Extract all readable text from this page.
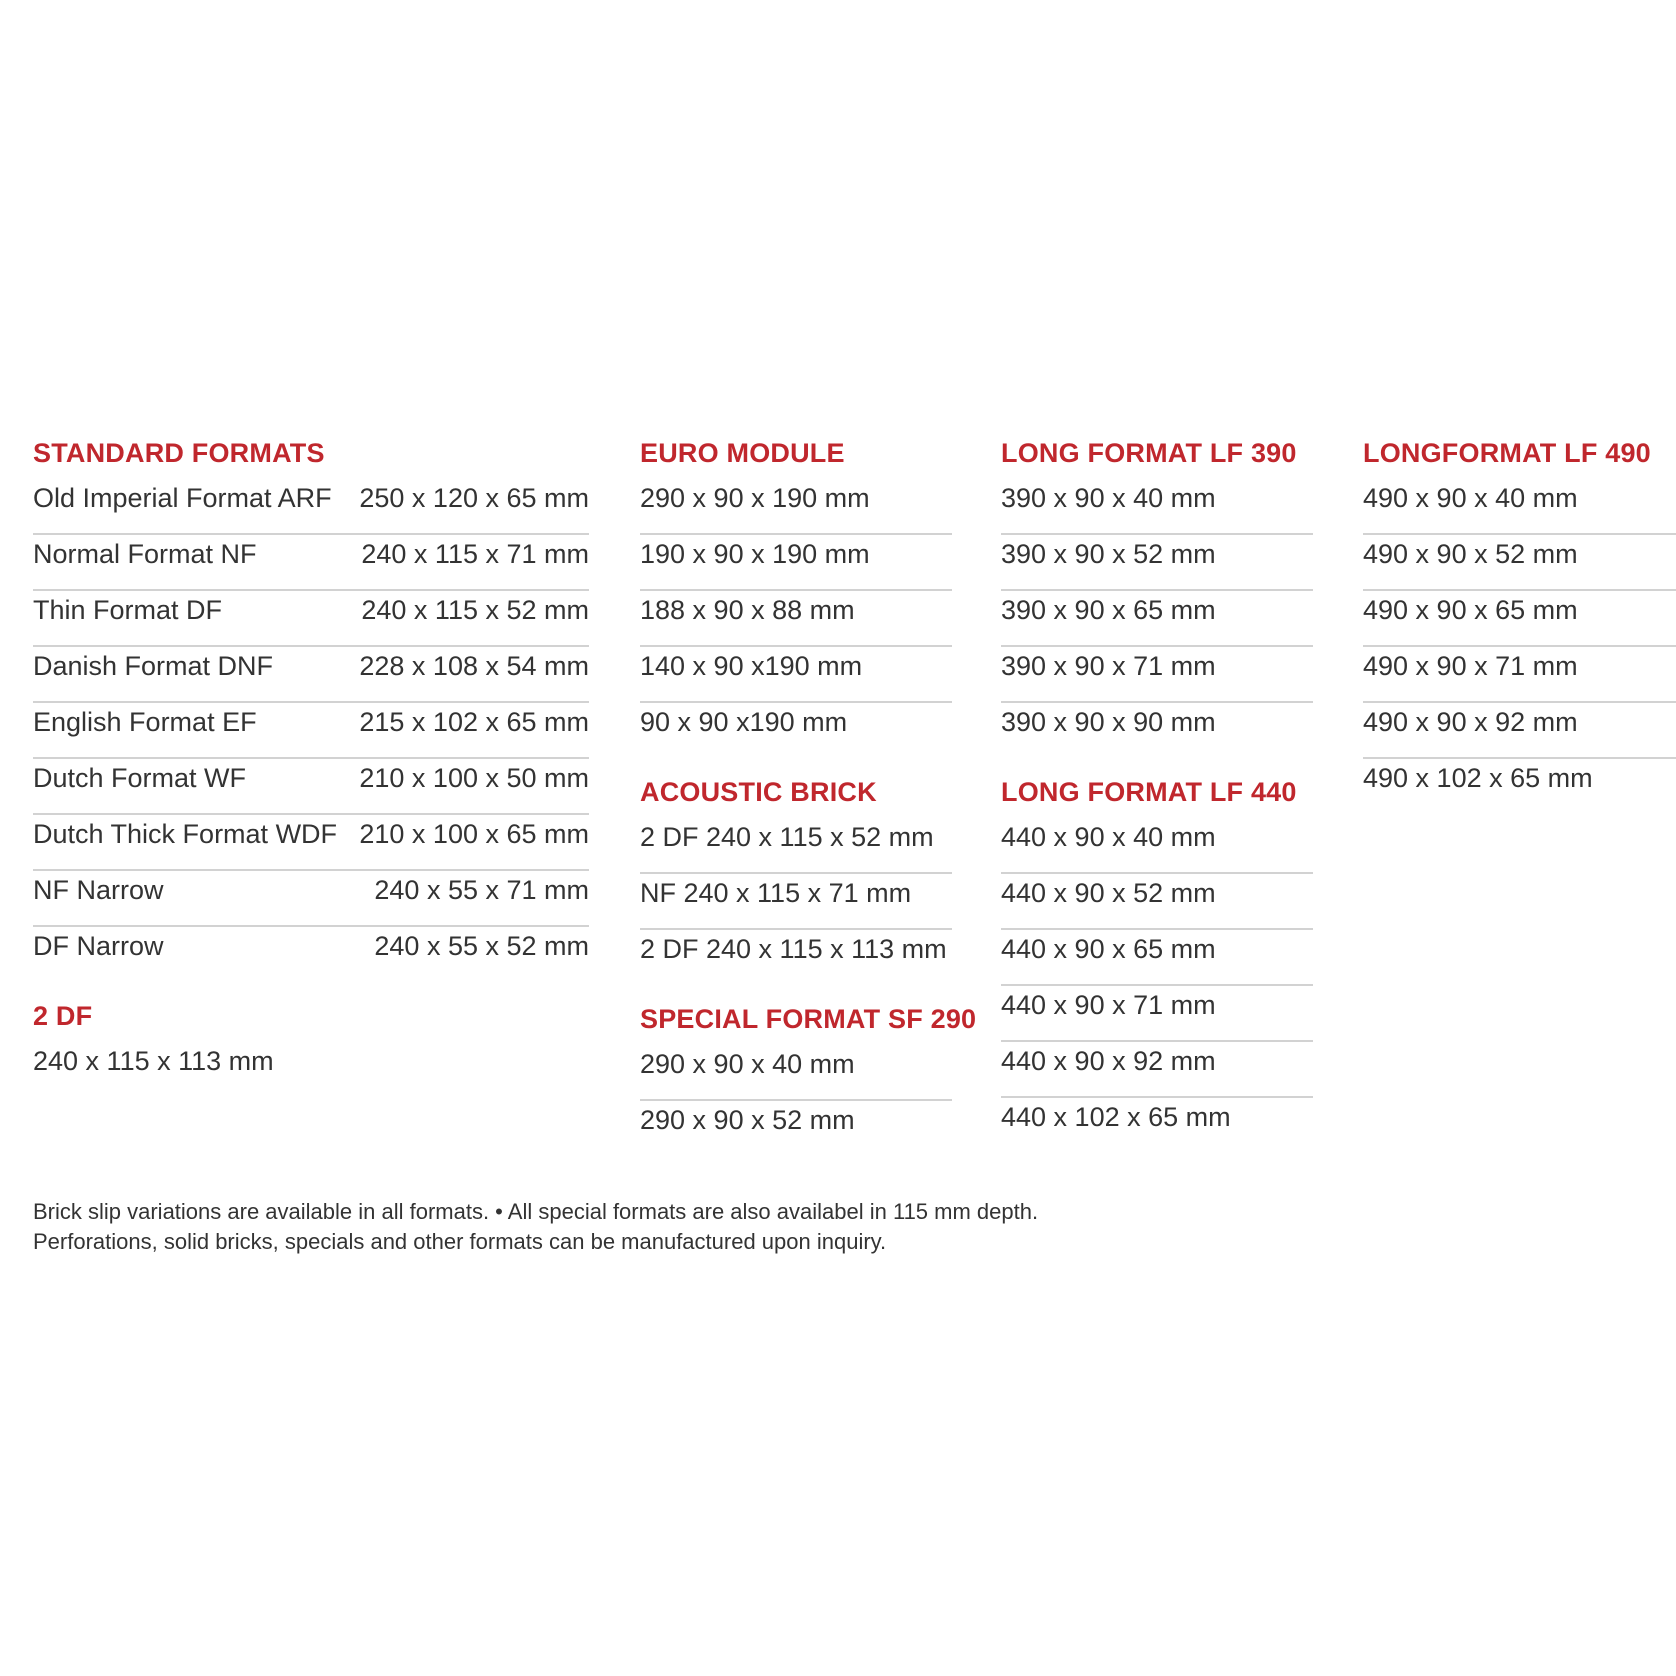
STANDARD FORMATS
Old Imperial Format ARF 250 x 120 x 65 mm
Normal Format NF	240 x 115 x 71 mm
Thin Format DF	240 x 115 x 52 mm
Danish Format DNF	228 x 108 x 54 mm
English Format EF	215 x 102 x 65 mm
Dutch Format WF	210 x 100 x 50 mm
Dutch Thick Format WDF 210 x 100 x 65 mm
NF Narrow	240 x 55 x 71 mm
DF Narrow	240 x 55 x 52 mm
2 DF
240 x 115 x 113 mm
EURO MODULE
290 x 90 x 190 mm
190 x 90 x 190 mm
188 x 90 x 88 mm
140 x 90 x190 mm
90 x 90 x190 mm
ACOUSTIC BRICK
2 DF 240 x 115 x 52 mm
NF 240 x 115 x 71 mm
2 DF 240 x 115 x 113 mm
SPECIAL FORMAT SF 290
290 x 90 x 40 mm
290 x 90 x 52 mm
LONG FORMAT LF 390
390 x 90 x 40 mm
390 x 90 x 52 mm
390 x 90 x 65 mm
390 x 90 x 71 mm
390 x 90 x 90 mm
LONG FORMAT LF 440
440 x 90 x 40 mm
440 x 90 x 52 mm
440 x 90 x 65 mm
440 x 90 x 71 mm
440 x 90 x 92 mm
440 x 102 x 65 mm
LONGFORMAT LF 490
490 x 90 x 40 mm
490 x 90 x 52 mm
490 x 90 x 65 mm
490 x 90 x 71 mm
490 x 90 x 92 mm
490 x 102 x 65 mm
Brick slip variations are available in all formats. • All special formats are also availabel in 115 mm depth.
Perforations, solid bricks, specials and other formats can be manufactured upon inquiry.
